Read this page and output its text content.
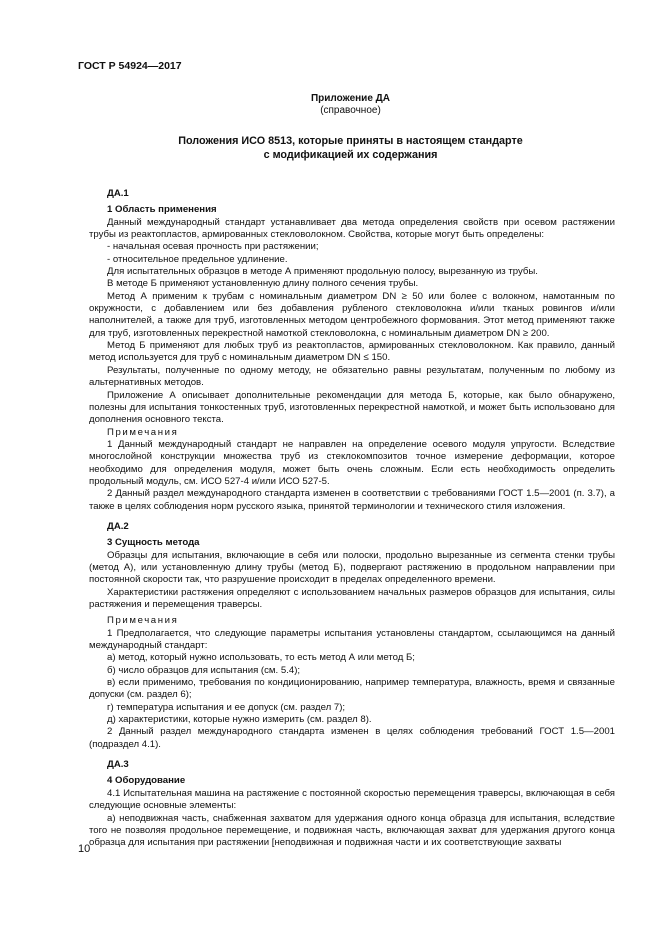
ГОСТ Р 54924—2017
Приложение ДА
(справочное)
Положения ИСО 8513, которые приняты в настоящем стандарте
с модификацией их содержания
ДА.1
1 Область применения

Данный международный стандарт устанавливает два метода определения свойств при осевом растяжении трубы из реактопластов, армированных стекловолокном. Свойства, которые могут быть определены:

- начальная осевая прочность при растяжении;

- относительное предельное удлинение.

Для испытательных образцов в методе А применяют продольную полосу, вырезанную из трубы.

В методе Б применяют установленную длину полного сечения трубы.

Метод А применим к трубам с номинальным диаметром DN ≥ 50 или более с волокном, намотанным по окружности, с добавлением или без добавления рубленого стекловолокна и/или тканых ровингов и/или наполнителей, а также для труб, изготовленных методом центробежного формования. Этот метод применяют также для труб, изготовленных перекрестной намоткой стекловолокна, с номинальным диаметром DN ≥ 200.

Метод Б применяют для любых труб из реактопластов, армированных стекловолокном. Как правило, данный метод используется для труб с номинальным диаметром DN ≤ 150.

Результаты, полученные по одному методу, не обязательно равны результатам, полученным по любому из альтернативных методов.

Приложение А описывает дополнительные рекомендации для метода Б, которые, как было обнаружено, полезны для испытания тонкостенных труб, изготовленных перекрестной намоткой, и может быть использовано для дополнения основного текста.

Примечания

1 Данный международный стандарт не направлен на определение осевого модуля упругости. Вследствие многослойной конструкции множества труб из стеклокомпозитов точное измерение деформации, которое необходимо для определения модуля, может быть очень сложным. Если есть необходимость определить продольный модуль, см. ИСО 527-4 и/или ИСО 527-5.

2 Данный раздел международного стандарта изменен в соответствии с требованиями ГОСТ 1.5—2001 (п. 3.7), а также в целях соблюдения норм русского языка, принятой терминологии и технического стиля изложения.

ДА.2
3 Сущность метода

Образцы для испытания, включающие в себя или полоски, продольно вырезанные из сегмента стенки трубы (метод А), или установленную длину трубы (метод Б), подвергают растяжению в продольном направлении при постоянной скорости так, что разрушение происходит в пределах определенного времени.

Характеристики растяжения определяют с использованием начальных размеров образцов для испытания, силы растяжения и перемещения траверсы.

Примечания

1 Предполагается, что следующие параметры испытания установлены стандартом, ссылающимся на данный международный стандарт:

а) метод, который нужно использовать, то есть метод А или метод Б;

б) число образцов для испытания (см. 5.4);

в) если применимо, требования по кондиционированию, например температура, влажность, время и связанные допуски (см. раздел 6);

г) температура испытания и ее допуск (см. раздел 7);

д) характеристики, которые нужно измерить (см. раздел 8).

2 Данный раздел международного стандарта изменен в целях соблюдения требований ГОСТ 1.5—2001 (подраздел 4.1).

ДА.3
4 Оборудование

4.1 Испытательная машина на растяжение с постоянной скоростью перемещения траверсы, включающая в себя следующие основные элементы:

а) неподвижная часть, снабженная захватом для удержания одного конца образца для испытания, вследствие того не позволяя продольное перемещение, и подвижная часть, включающая захват для удержания другого конца образца для испытания при растяжении [неподвижная и подвижная части и их соответствующие захваты

10
